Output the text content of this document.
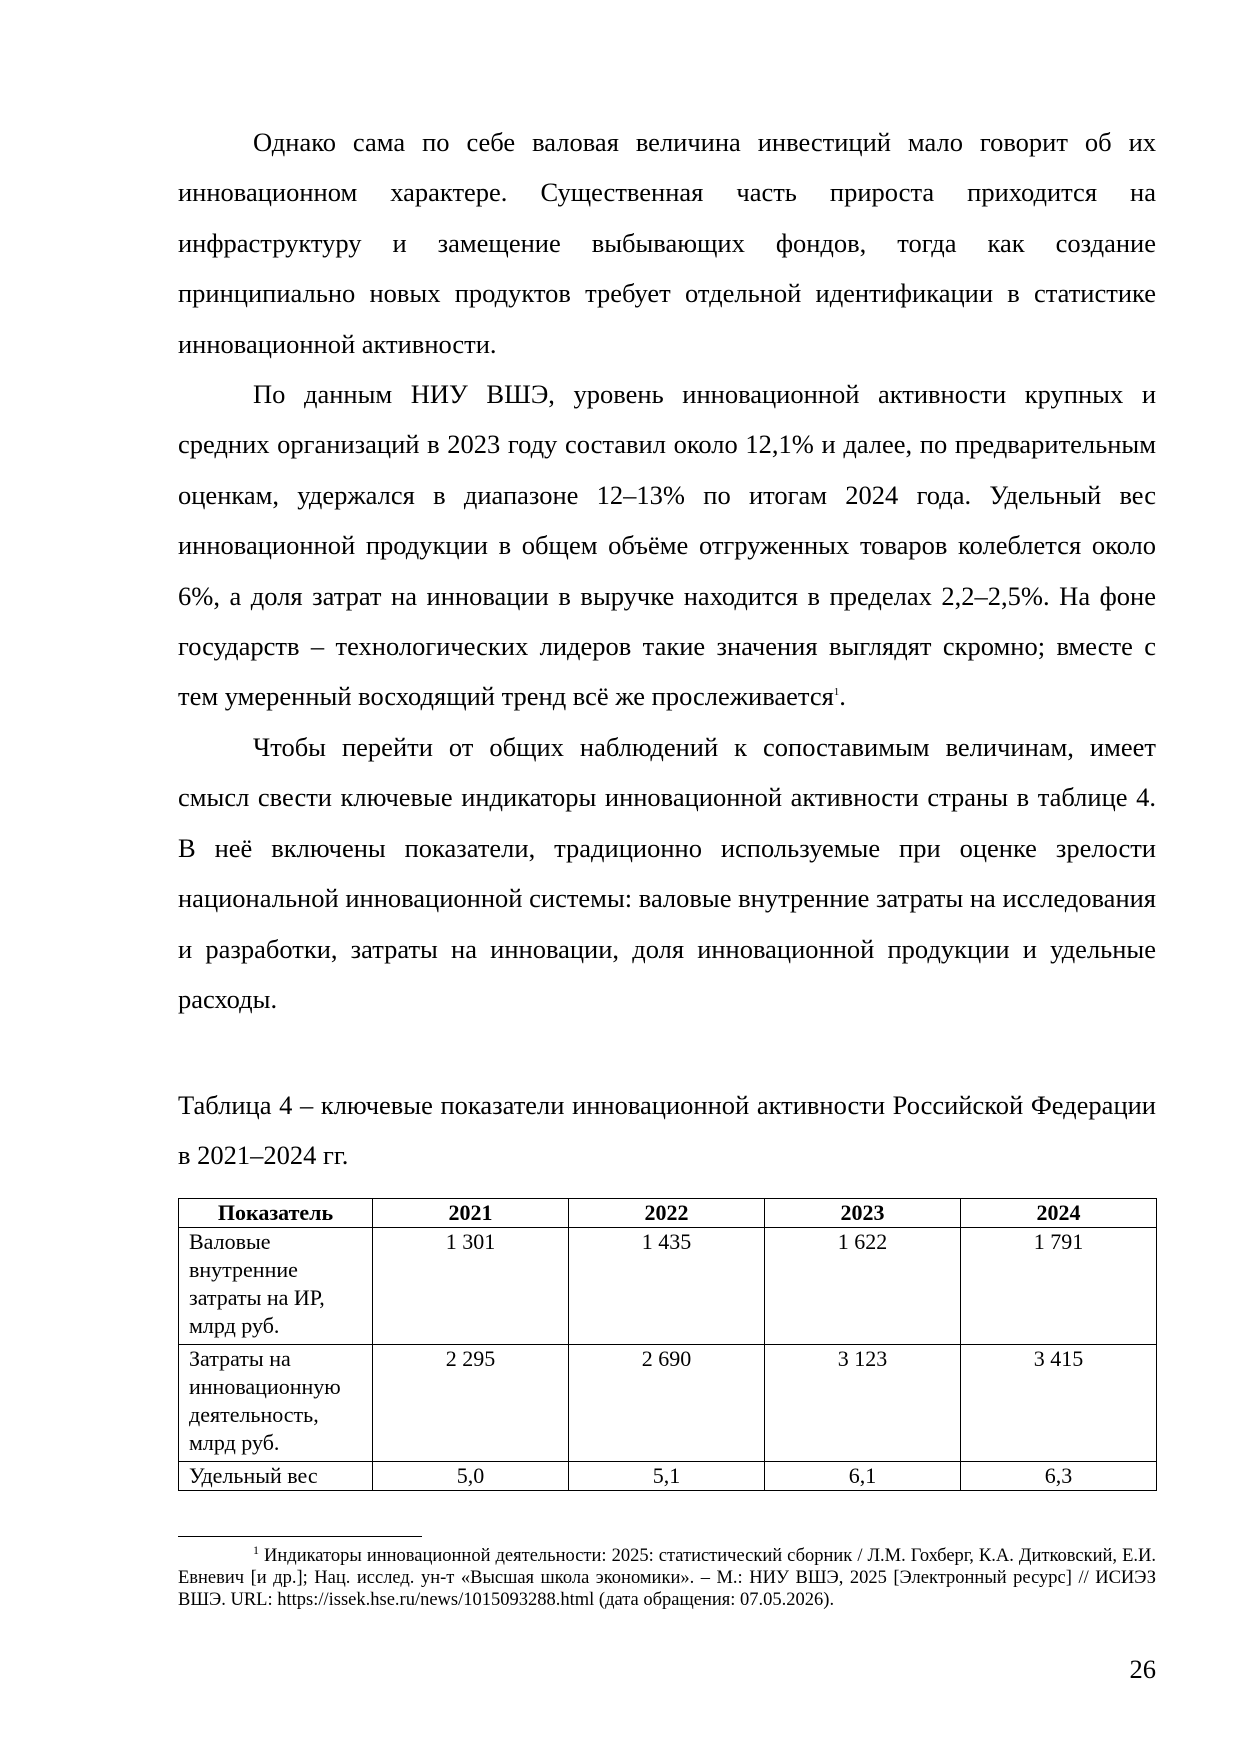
Однако сама по себе валовая величина инвестиций мало говорит об их инновационном характере. Существенная часть прироста приходится на инфраструктуру и замещение выбывающих фондов, тогда как создание принципиально новых продуктов требует отдельной идентификации в статистике инновационной активности.

По данным НИУ ВШЭ, уровень инновационной активности крупных и средних организаций в 2023 году составил около 12,1% и далее, по предварительным оценкам, удержался в диапазоне 12–13% по итогам 2024 года. Удельный вес инновационной продукции в общем объёме отгруженных товаров колеблется около 6%, а доля затрат на инновации в выручке находится в пределах 2,2–2,5%. На фоне государств – технологических лидеров такие значения выглядят скромно; вместе с тем умеренный восходящий тренд всё же прослеживается$^1$.

Чтобы перейти от общих наблюдений к сопоставимым величинам, имеет смысл свести ключевые индикаторы инновационной активности страны в таблице 4. В неё включены показатели, традиционно используемые при оценке зрелости национальной инновационной системы: валовые внутренние затраты на исследования и разработки, затраты на инновации, доля инновационной продукции и удельные расходы.

Таблица 4 – ключевые показатели инновационной активности Российской Федерации в 2021–2024 гг.

Показатель	2021	2022	2023	2024
Валовые внутренние затраты на ИР, млрд руб.	1 301	1 435	1 622	1 791
Затраты на инновационную деятельность, млрд руб.	2 295	2 690	3 123	3 415
Удельный вес	5,0	5,1	6,1	6,3

$^1$ Индикаторы инновационной деятельности: 2025: статистический сборник / Л.М. Гохберг, К.А. Дитковский, Е.И. Евневич [и др.]; Нац. исслед. ун-т «Высшая школа экономики». – М.: НИУ ВШЭ, 2025 [Электронный ресурс] // ИСИЭЗ ВШЭ. URL: https://issek.hse.ru/news/1015093288.html (дата обращения: 07.05.2026).

26
